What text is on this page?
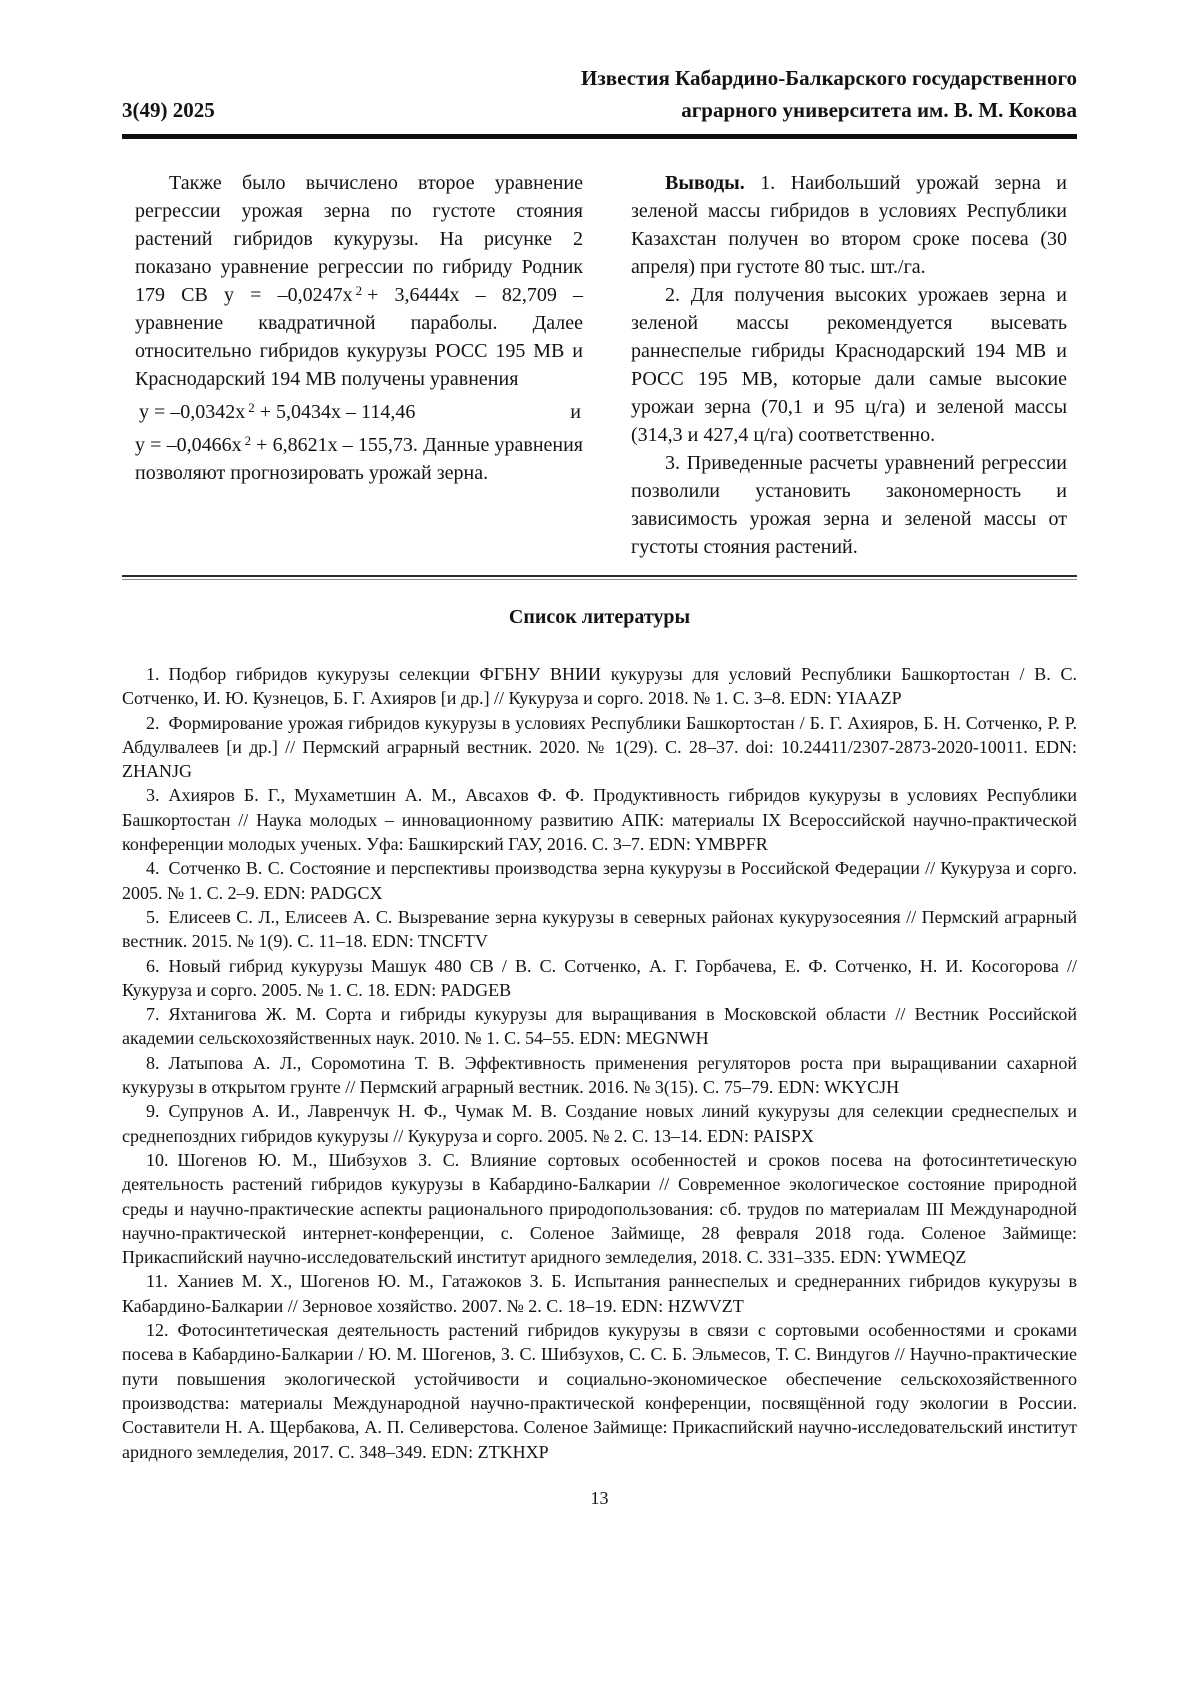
3(49) 2025
Известия Кабардино-Балкарского государственного
аграрного университета им. В. М. Кокова

Также было вычислено второе уравнение регрессии урожая зерна по густоте стояния растений гибридов кукурузы. На рисунке 2 показано уравнение регрессии по гибриду Родник 179 СВ y = –0,0247x $^2$ + 3,6444x – 82,709 – уравнение квадратичной параболы. Далее относительно гибридов кукурузы РОСС 195 МВ и Краснодарский 194 МВ получены уравнения

y = –0,0342x $^2$ + 5,0434x – 114,46	и

y = –0,0466x $^2$ + 6,8621x – 155,73. Данные уравнения позволяют прогнозировать урожай зерна.

Выводы. 1. Наибольший урожай зерна и зеленой массы гибридов в условиях Республики Казахстан получен во втором сроке посева (30 апреля) при густоте 80 тыс. шт./га.

2. Для получения высоких урожаев зерна и зеленой массы рекомендуется высевать раннеспелые гибриды Краснодарский 194 МВ и РОСС 195 МВ, которые дали самые высокие урожаи зерна (70,1 и 95 ц/га) и зеленой массы (314,3 и 427,4 ц/га) соответственно.

3. Приведенные расчеты уравнений регрессии позволили установить закономерность и зависимость урожая зерна и зеленой массы от густоты стояния растений.

Список литературы

1. Подбор гибридов кукурузы селекции ФГБНУ ВНИИ кукурузы для условий Республики Башкортостан / В. С. Сотченко, И. Ю. Кузнецов, Б. Г. Ахияров [и др.] // Кукуруза и сорго. 2018. № 1. С. 3–8. EDN: YIAAZP

2. Формирование урожая гибридов кукурузы в условиях Республики Башкортостан / Б. Г. Ахияров, Б. Н. Сотченко, Р. Р. Абдулвалеев [и др.] // Пермский аграрный вестник. 2020. № 1(29). С. 28–37. doi: 10.24411/2307-2873-2020-10011. EDN: ZHANJG

3. Ахияров Б. Г., Мухаметшин А. М., Авсахов Ф. Ф. Продуктивность гибридов кукурузы в условиях Республики Башкортостан // Наука молодых – инновационному развитию АПК: материалы IX Всероссийской научно-практической конференции молодых ученых. Уфа: Башкирский ГАУ, 2016. С. 3–7. EDN: YMBPFR

4. Сотченко В. С. Состояние и перспективы производства зерна кукурузы в Российской Федерации // Кукуруза и сорго. 2005. № 1. С. 2–9. EDN: PADGCX

5. Елисеев С. Л., Елисеев А. С. Вызревание зерна кукурузы в северных районах кукурузосеяния // Пермский аграрный вестник. 2015. № 1(9). С. 11–18. EDN: TNCFTV

6. Новый гибрид кукурузы Машук 480 СВ / В. С. Сотченко, А. Г. Горбачева, Е. Ф. Сотченко, Н. И. Косогорова // Кукуруза и сорго. 2005. № 1. С. 18. EDN: PADGEB

7. Яхтанигова Ж. М. Сорта и гибриды кукурузы для выращивания в Московской области // Вестник Российской академии сельскохозяйственных наук. 2010. № 1. С. 54–55. EDN: MEGNWH

8. Латыпова А. Л., Соромотина Т. В. Эффективность применения регуляторов роста при выращивании сахарной кукурузы в открытом грунте // Пермский аграрный вестник. 2016. № 3(15). С. 75–79. EDN: WKYCJH

9. Супрунов А. И., Лавренчук Н. Ф., Чумак М. В. Создание новых линий кукурузы для селекции среднеспелых и среднепоздних гибридов кукурузы // Кукуруза и сорго. 2005. № 2. С. 13–14. EDN: PAISPX

10. Шогенов Ю. М., Шибзухов З. С. Влияние сортовых особенностей и сроков посева на фотосинтетическую деятельность растений гибридов кукурузы в Кабардино-Балкарии // Современное экологическое состояние природной среды и научно-практические аспекты рационального природопользования: сб. трудов по материалам III Международной научно-практической интернет-конференции, с. Соленое Займище, 28 февраля 2018 года. Соленое Займище: Прикаспийский научно-исследовательский институт аридного земледелия, 2018. С. 331–335. EDN: YWMEQZ

11. Ханиев М. Х., Шогенов Ю. М., Гатажоков З. Б. Испытания раннеспелых и среднеранних гибридов кукурузы в Кабардино-Балкарии // Зерновое хозяйство. 2007. № 2. С. 18–19. EDN: HZWVZT

12. Фотосинтетическая деятельность растений гибридов кукурузы в связи с сортовыми особенностями и сроками посева в Кабардино-Балкарии / Ю. М. Шогенов, З. С. Шибзухов, С. С. Б. Эльмесов, Т. С. Виндугов // Научно-практические пути повышения экологической устойчивости и социально-экономическое обеспечение сельскохозяйственного производства: материалы Международной научно-практической конференции, посвящённой году экологии в России. Составители Н. А. Щербакова, А. П. Селиверстова. Соленое Займище: Прикаспийский научно-исследовательский институт аридного земледелия, 2017. С. 348–349. EDN: ZTKHXP

13
